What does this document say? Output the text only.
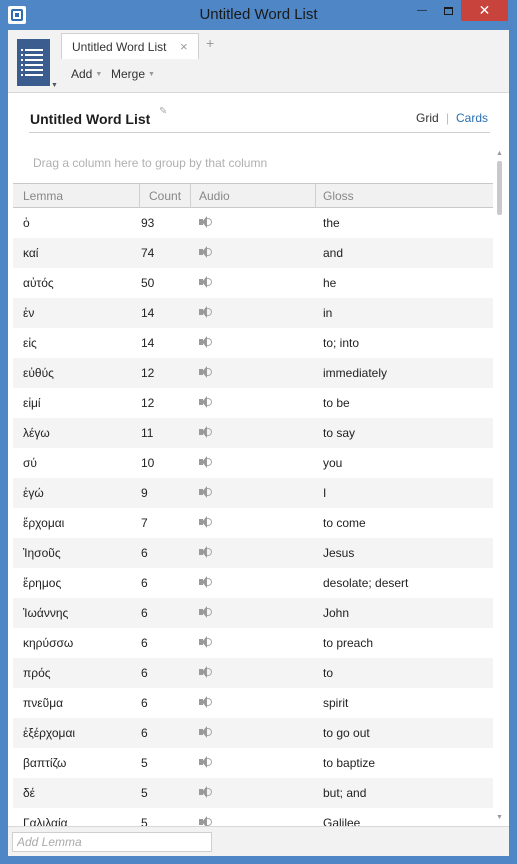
Untitled Word List	—	✕
▼
Untitled Word List × +
Add ▼ Merge ▼
Untitled Word List ✎	Grid | Cards
Drag a column here to group by that column
Lemma	Count Audio	Gloss
ὁ	93	the
καί	74	and
αὐτός	50	he
ἐν	14	in
εἰς	14	to; into
εὐθύς	12	immediately
εἰμί	12	to be
λέγω	11	to say
σύ	10	you
ἐγώ	9	I
ἔρχομαι	7	to come
Ἰησοῦς	6	Jesus
ἔρημος	6	desolate; desert
Ἰωάννης	6	John
κηρύσσω	6	to preach
πρός	6	to
πνεῦμα	6	spirit
ἐξέρχομαι	6	to go out
βαπτίζω	5	to baptize
δέ	5	but; and
Γαλιλαία	5	Galilee
▲
▼
Add Lemma
